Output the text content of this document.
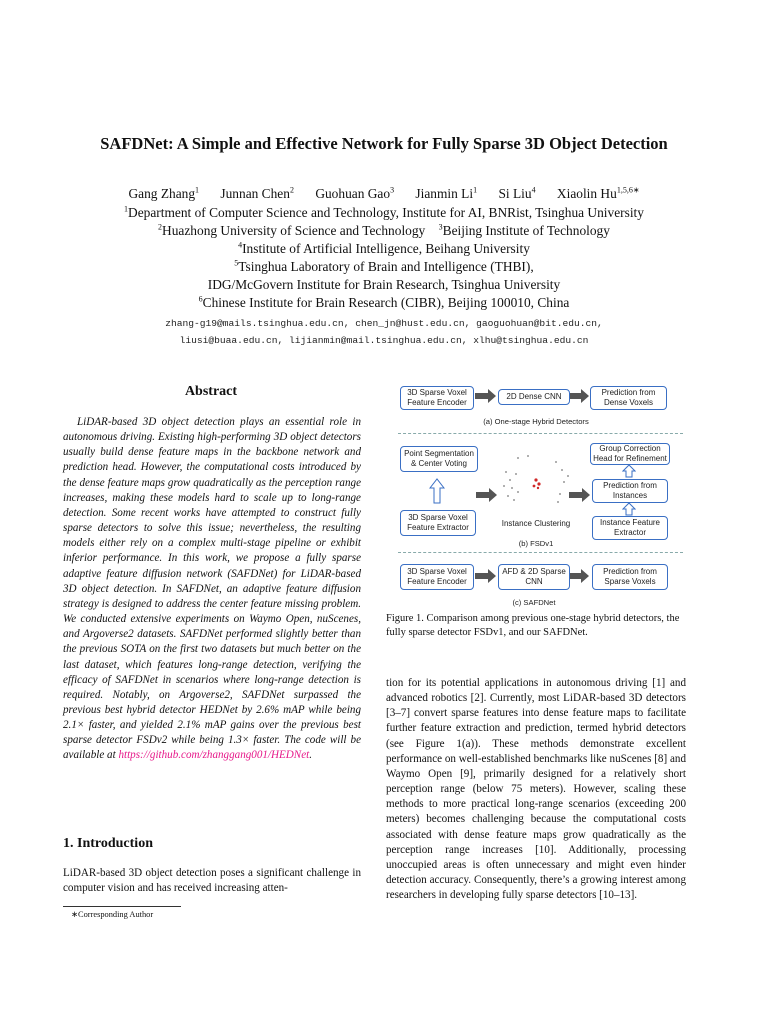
SAFDNet: A Simple and Effective Network for Fully Sparse 3D Object Detection
Gang Zhang$^1$ Junnan Chen$^2$ Guohuan Gao$^3$ Jianmin Li$^1$ Si Liu$^4$ Xiaolin $Hu^{1,5,6∗}$
$^1$Department of Computer Science and Technology, Institute for AI, BNRist, Tsinghua University
$^2$Huazhong University of Science and Technology $^3$Beijing Institute of Technology
$^4$Institute of Artificial Intelligence, Beihang University
$^5$Tsinghua Laboratory of Brain and Intelligence (THBI),
IDG/McGovern Institute for Brain Research, Tsinghua University
$^6$Chinese Institute for Brain Research (CIBR), Beijing 100010, China
zhang-g19@mails.tsinghua.edu.cn, chen_jn@hust.edu.cn, gaoguohuan@bit.edu.cn,
liusi@buaa.edu.cn, lijianmin@mail.tsinghua.edu.cn, xlhu@tsinghua.edu.cn
Abstract

LiDAR-based 3D object detection plays an essential role in autonomous driving. Existing high-performing 3D object detectors usually build dense feature maps in the backbone network and prediction head. However, the computational costs introduced by the dense feature maps grow quadratically as the perception range increases, making these models hard to scale up to long-range detection. Some recent works have attempted to construct fully sparse detectors to solve this issue; nevertheless, the resulting models either rely on a complex multi-stage pipeline or exhibit inferior performance. In this work, we propose a fully sparse adaptive feature diffusion network (SAFDNet) for LiDAR-based 3D object detection. In SAFDNet, an adaptive feature diffusion strategy is designed to address the center feature missing problem. We conducted extensive experiments on Waymo Open, nuScenes, and Argoverse2 datasets. SAFDNet performed slightly better than the previous SOTA on the first two datasets but much better on the last dataset, which features long-range detection, verifying the efficacy of SAFDNet in scenarios where long-range detection is required. Notably, on Argoverse2, SAFDNet surpassed the previous best hybrid detector HEDNet by 2.6% mAP while being 2.1× faster, and yielded 2.1% mAP gains over the previous best sparse detector FSDv2 while being 1.3× faster. The code will be available at https://github.com/zhanggang001/HEDNet.

1. Introduction

LiDAR-based 3D object detection poses a significant challenge in computer vision and has received increasing atten-

∗Corresponding Author
3D Sparse Voxel Feature Encoder
2D Dense CNN	Prediction from Dense Voxels
(a) One-stage Hybrid Detectors
Point Segmentation & Center Voting
3D Sparse Voxel Feature Extractor	Instance Clustering
Group Correction Head for Refinement
Prediction from Instances
Instance Feature Extractor
(b) FSDv1
3D Sparse Voxel Feature Encoder
AFD & 2D Sparse CNN
Prediction from Sparse Voxels
(c) SAFDNet
Figure 1. Comparison among previous one-stage hybrid detectors, the fully sparse detector FSDv1, and our SAFDNet.

tion for its potential applications in autonomous driving [1] and advanced robotics [2]. Currently, most LiDAR-based 3D detectors [3–7] convert sparse features into dense feature maps to facilitate further feature extraction and prediction, termed hybrid detectors (see Figure 1(a)). These methods demonstrate excellent performance on well-established benchmarks like nuScenes [8] and Waymo Open [9], primarily designed for a relatively short perception range (below 75 meters). However, scaling these methods to more practical long-range scenarios (exceeding 200 meters) becomes challenging because the computational costs associated with dense feature maps grow quadratically as the perception range increases [10]. Additionally, processing unoccupied areas is often unnecessary and might even hinder detection accuracy. Consequently, there’s a growing interest among researchers in developing fully sparse detectors [10–13].
